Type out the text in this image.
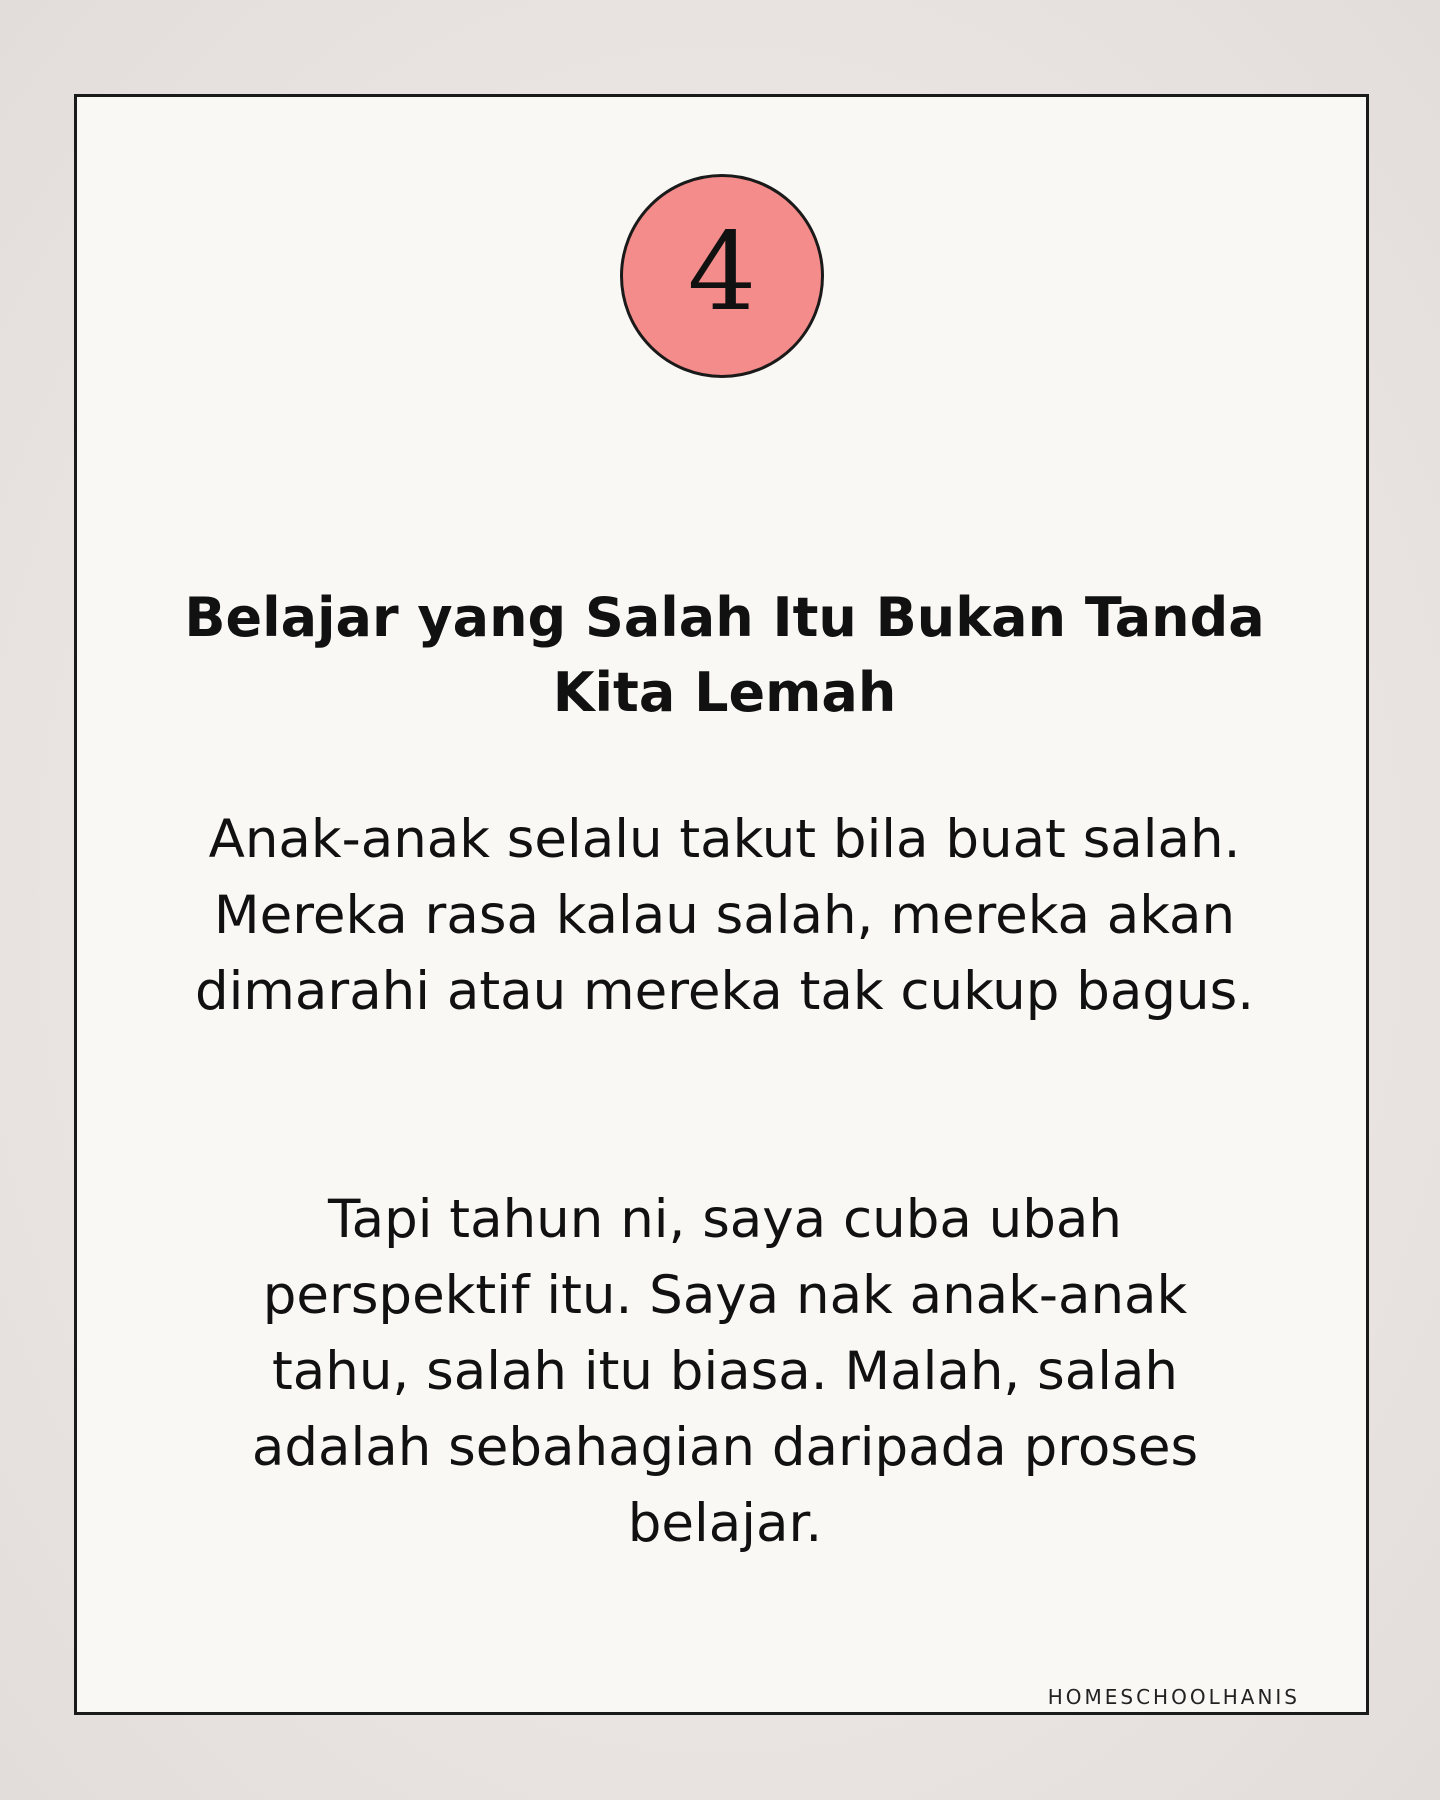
4
Belajar yang Salah Itu Bukan Tanda Kita Lemah

Anak-anak selalu takut bila buat salah. Mereka rasa kalau salah, mereka akan dimarahi atau mereka tak cukup bagus.

Tapi tahun ni, saya cuba ubah perspektif itu. Saya nak anak-anak tahu, salah itu biasa. Malah, salah adalah sebahagian daripada proses belajar.

HOMESCHOOLHANIS
